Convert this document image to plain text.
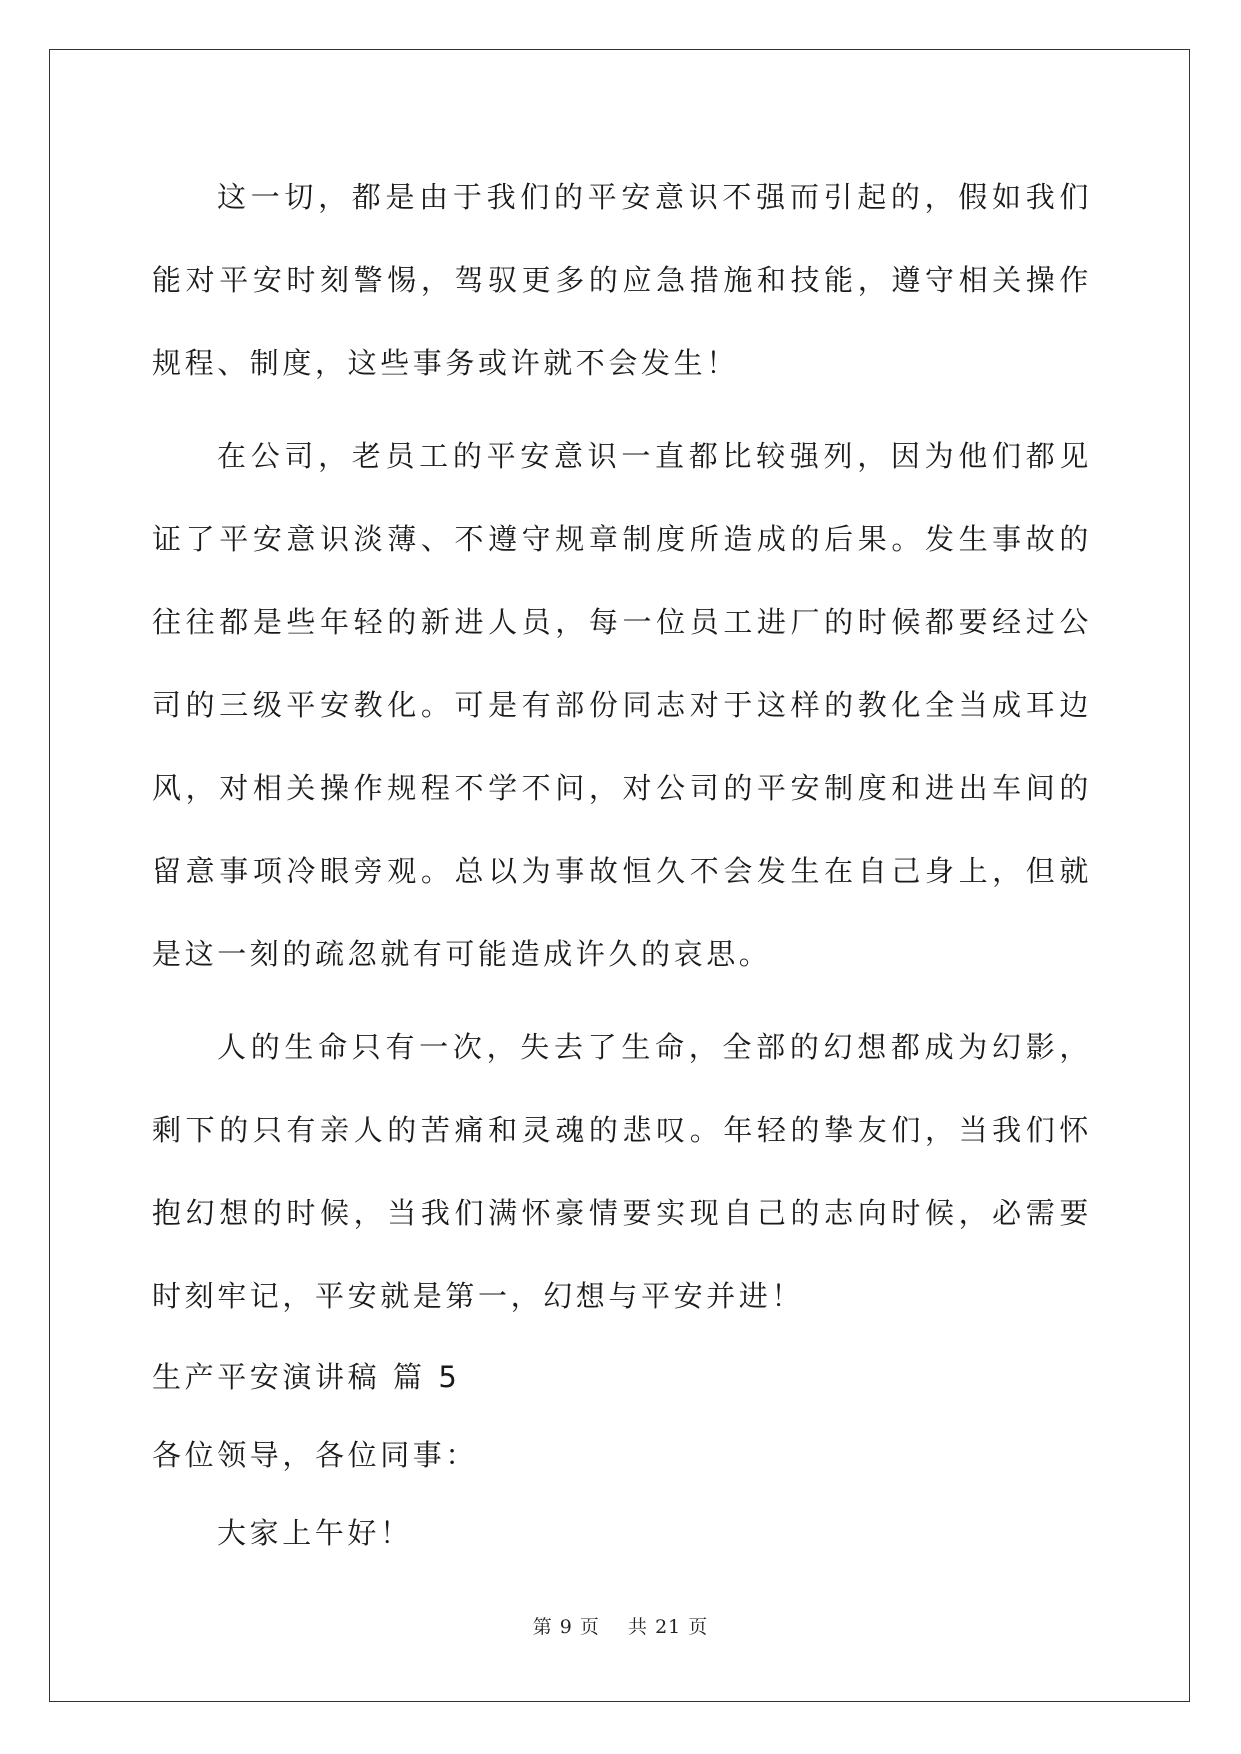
这一切，都是由于我们的平安意识不强而引起的，假如我们能对平安时刻警惕，驾驭更多的应急措施和技能，遵守相关操作规程、制度，这些事务或许就不会发生！

在公司，老员工的平安意识一直都比较强列，因为他们都见证了平安意识淡薄、不遵守规章制度所造成的后果。发生事故的往往都是些年轻的新进人员，每一位员工进厂的时候都要经过公司的三级平安教化。可是有部份同志对于这样的教化全当成耳边风，对相关操作规程不学不问，对公司的平安制度和进出车间的留意事项冷眼旁观。总以为事故恒久不会发生在自己身上，但就是这一刻的疏忽就有可能造成许久的哀思。

人的生命只有一次，失去了生命，全部的幻想都成为幻影，剩下的只有亲人的苦痛和灵魂的悲叹。年轻的挚友们，当我们怀抱幻想的时候，当我们满怀豪情要实现自己的志向时候，必需要时刻牢记，平安就是第一，幻想与平安并进！

生产平安演讲稿 篇 5

各位领导，各位同事：

大家上午好！

第 9 页    共 21 页
